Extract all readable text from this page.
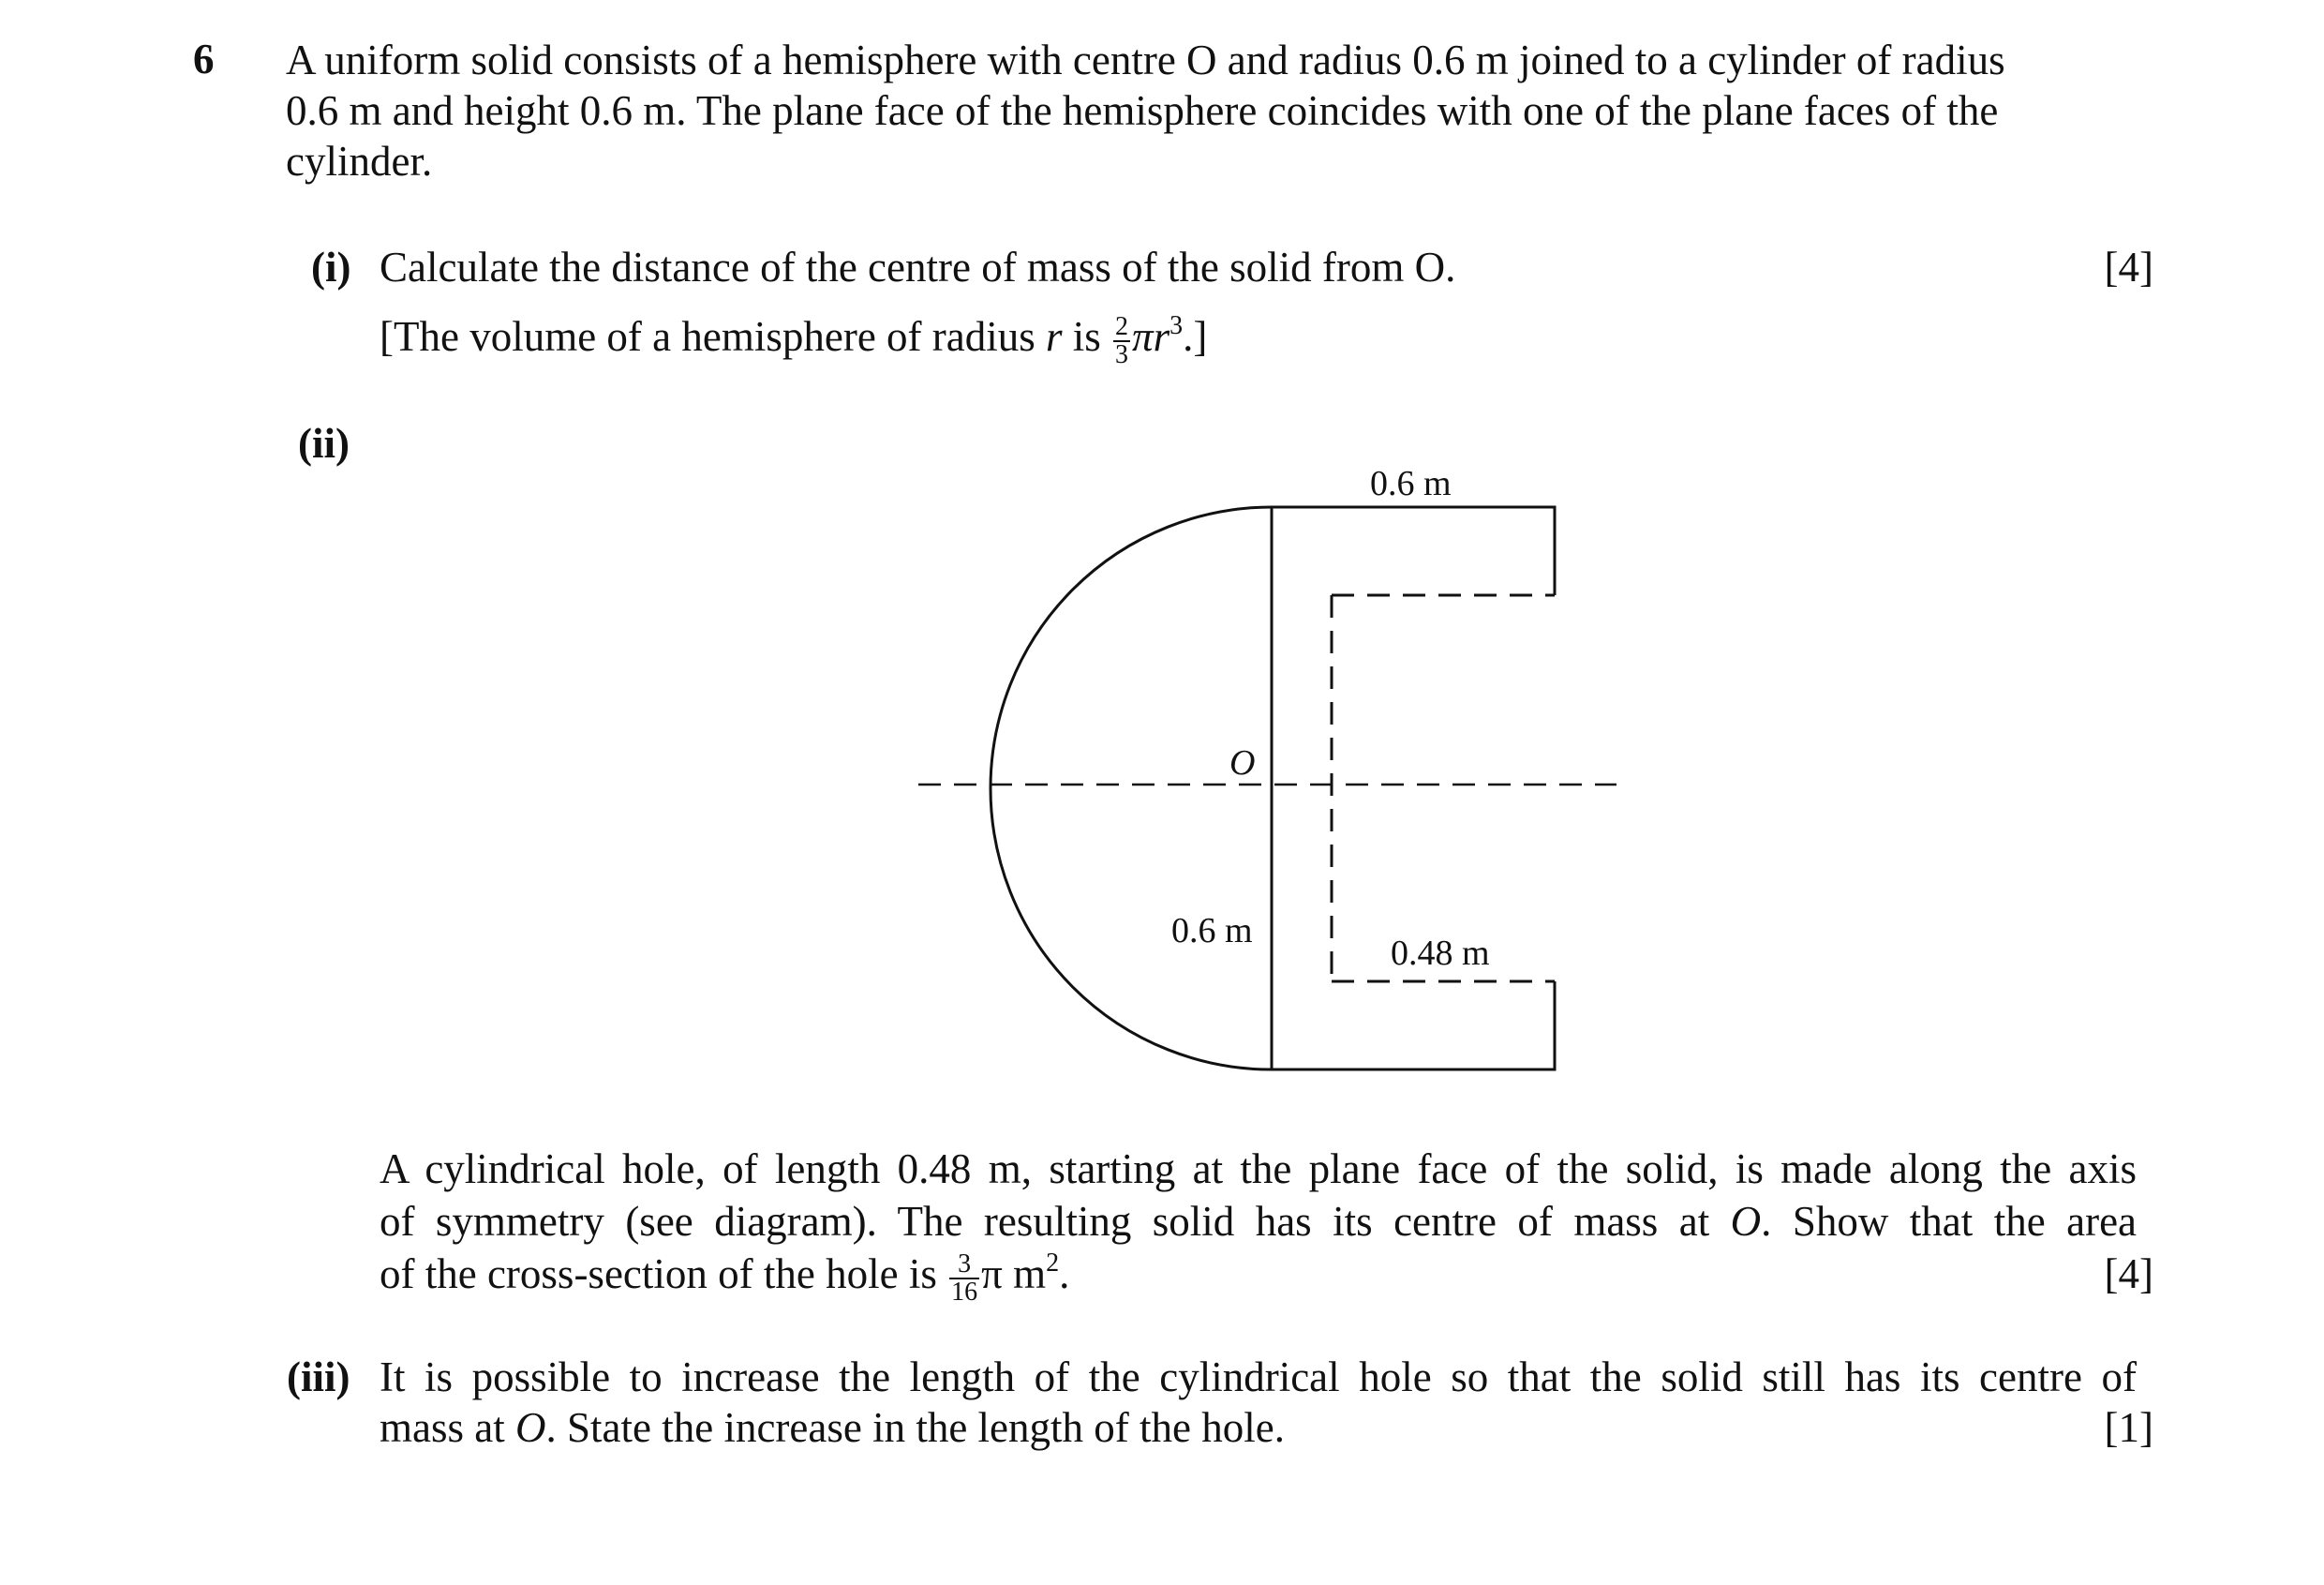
6 A uniform solid consists of a hemisphere with centre O and radius 0.6 m joined to a cylinder of radius
0.6 m and height 0.6 m. The plane face of the hemisphere coincides with one of the plane faces of the
cylinder.
(i) Calculate the distance of the centre of mass of the solid from O.	[4]
[The volume of a hemisphere of radius r is $\frac{2}{3} \pi r^3$.]
(ii)
0.6 m
O
0.6 m
0.48 m
A cylindrical hole, of length 0.48 m, starting at the plane face of the solid, is made along the axis
of symmetry (see diagram). The resulting solid has its centre of mass at O. Show that the area
of the cross-section of the hole is $\frac{3}{16}$ π $m^2$.	[4]
(iii) It is possible to increase the length of the cylindrical hole so that the solid still has its centre of
mass at O. State the increase in the length of the hole.	[1]
